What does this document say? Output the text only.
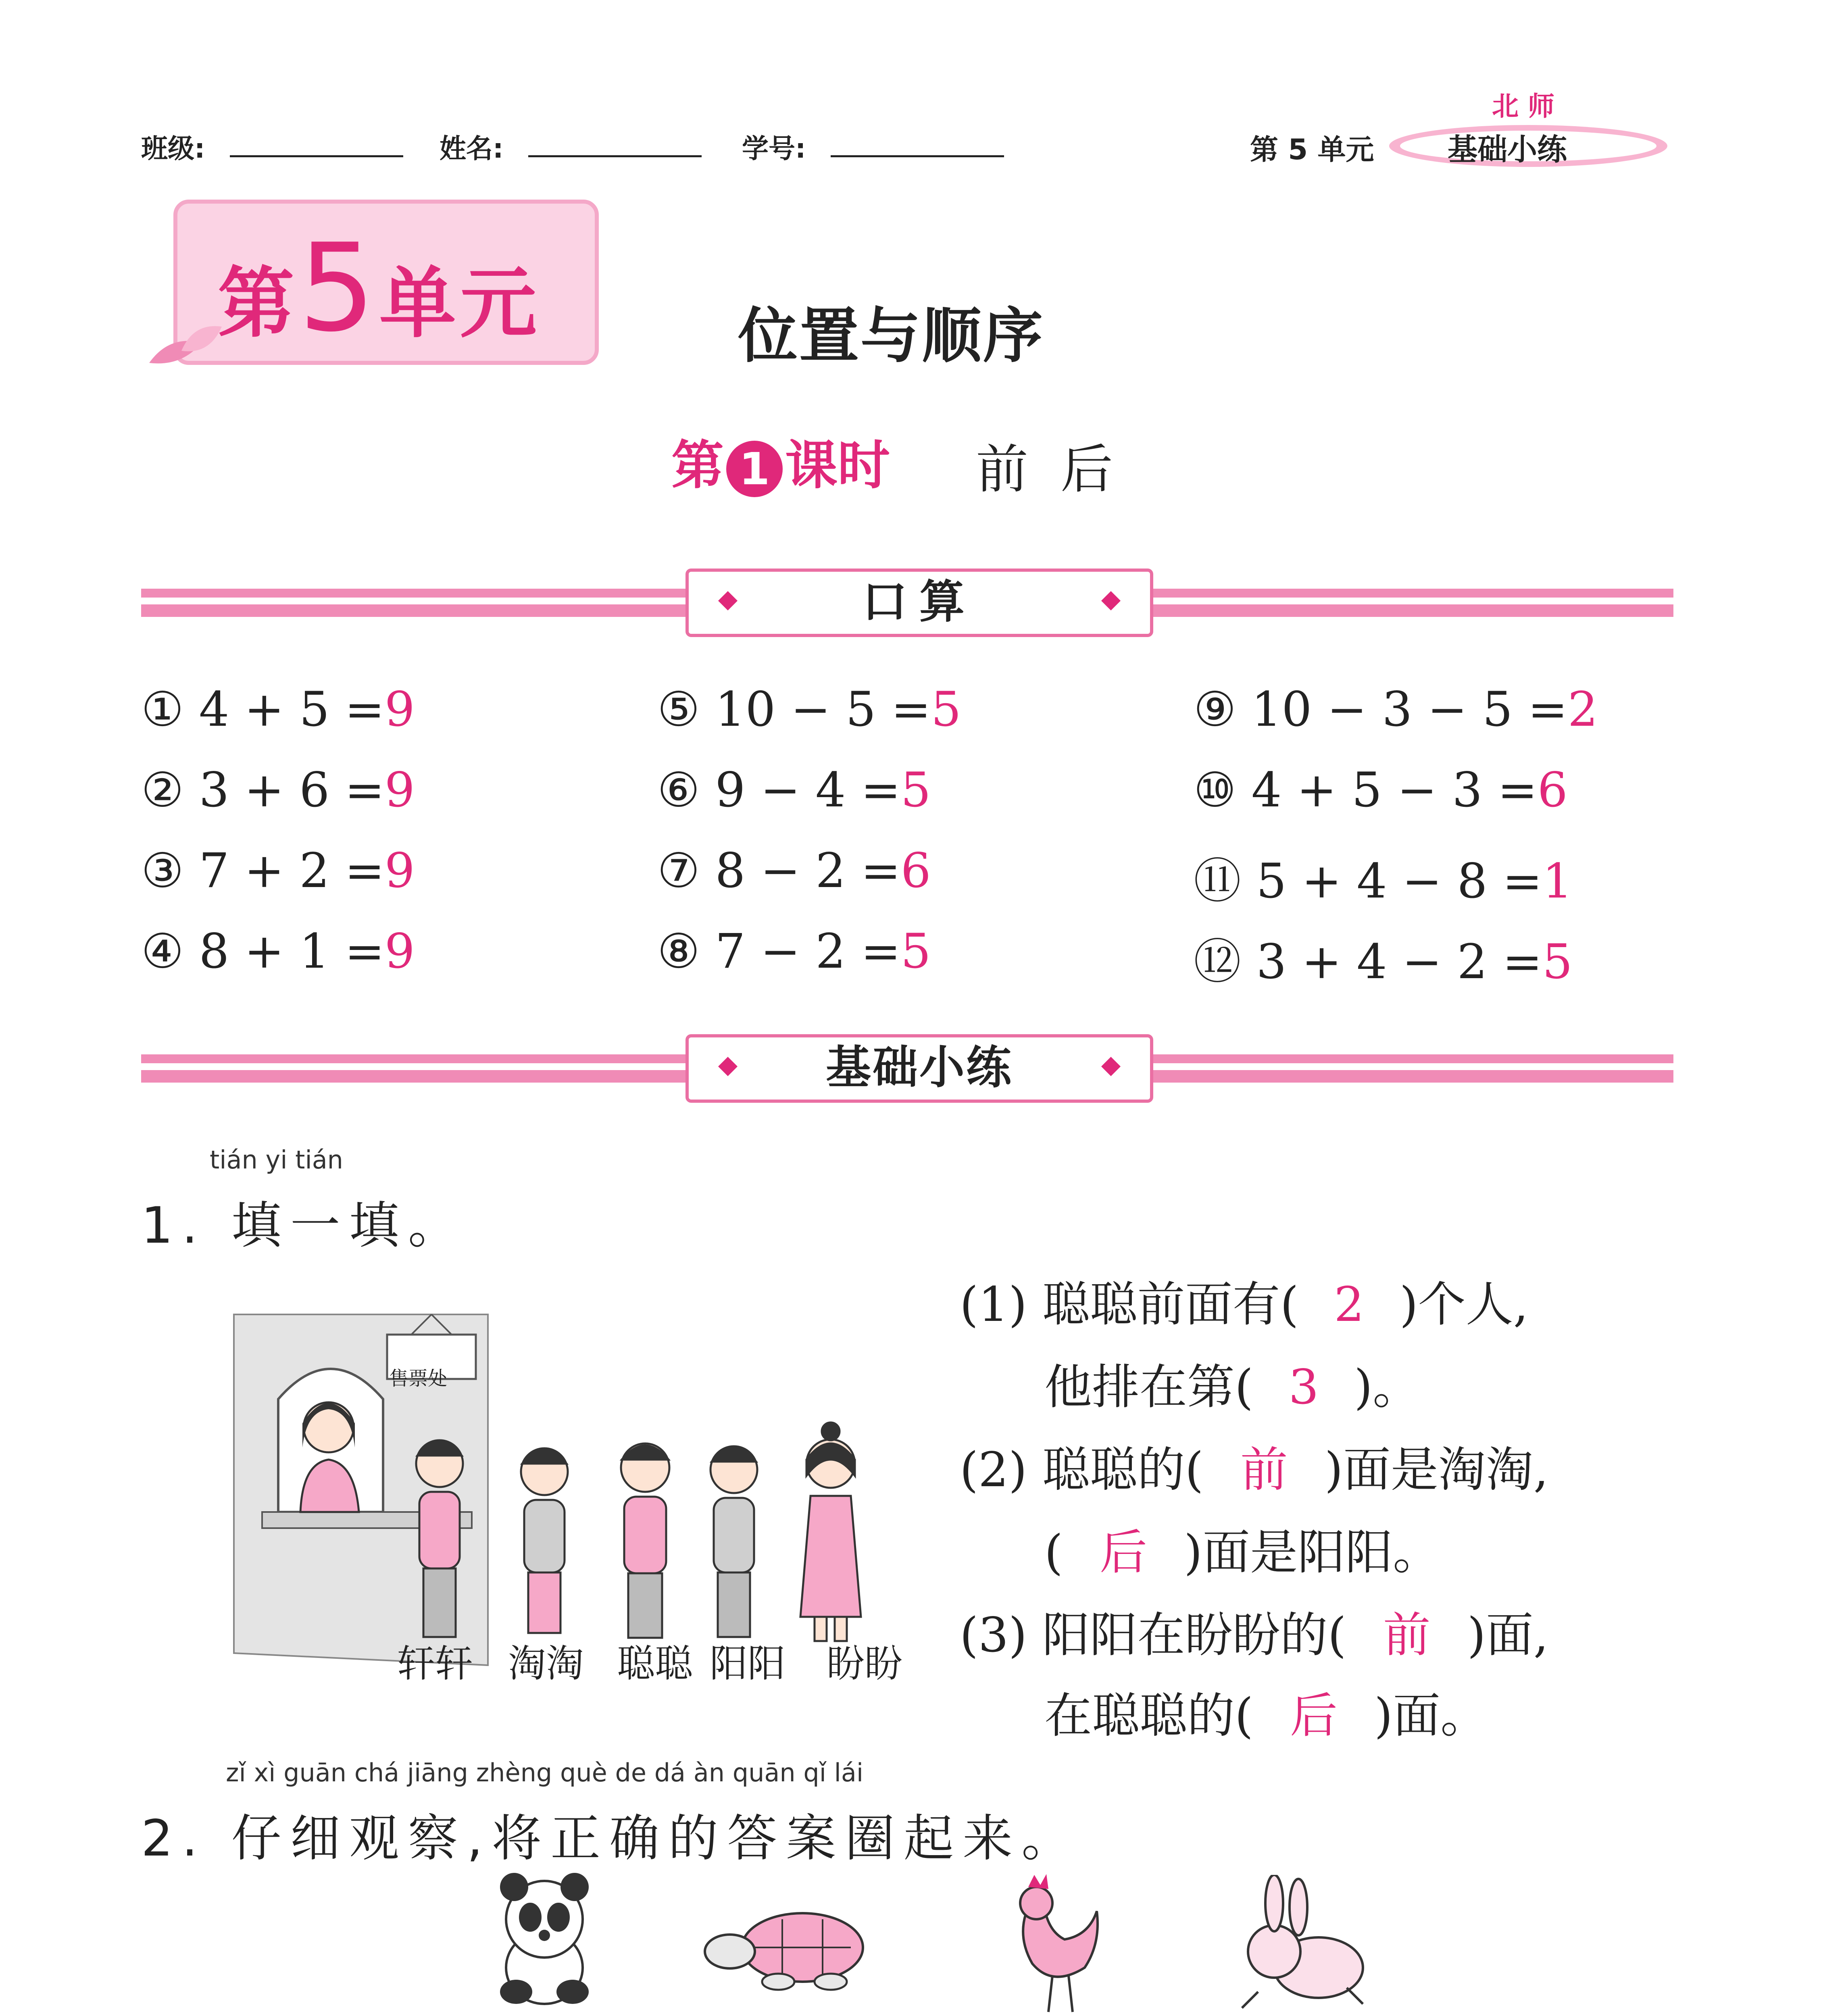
班级:	姓名:	学号:	第 5 单元 基础小练
北 师
第5单元	位置与顺序
第 1 课时 前后
口算
① 4 + 5 =9
② 3 + 6 =9
③ 7 + 2 =9
④ 8 + 1 =9
⑤ 10 − 5 =5
⑥ 9 − 4 =5
⑦ 8 − 2 =6
⑧ 7 − 2 =5
⑨ 10 − 3 − 5 =2
⑩ 4 + 5 − 3 =6
⑪ 5 + 4 − 8 =1
⑫ 3 + 4 − 2 =5
基础小练
tián yi tián
1. 填一填。
售票处
轩轩 淘淘 聪聪 阳阳 盼盼
(1) 聪聪前面有( 2 )个人,
他排在第( 3 )。
(2) 聪聪的( 前 )面是淘淘,
( 后 )面是阳阳。
(3) 阳阳在盼盼的( 前 )面,
在聪聪的( 后 )面。
zǐ xì guān chá jiāng zhèng què de dá àn quān qǐ lái
2. 仔细观察,将正确的答案圈起来。
